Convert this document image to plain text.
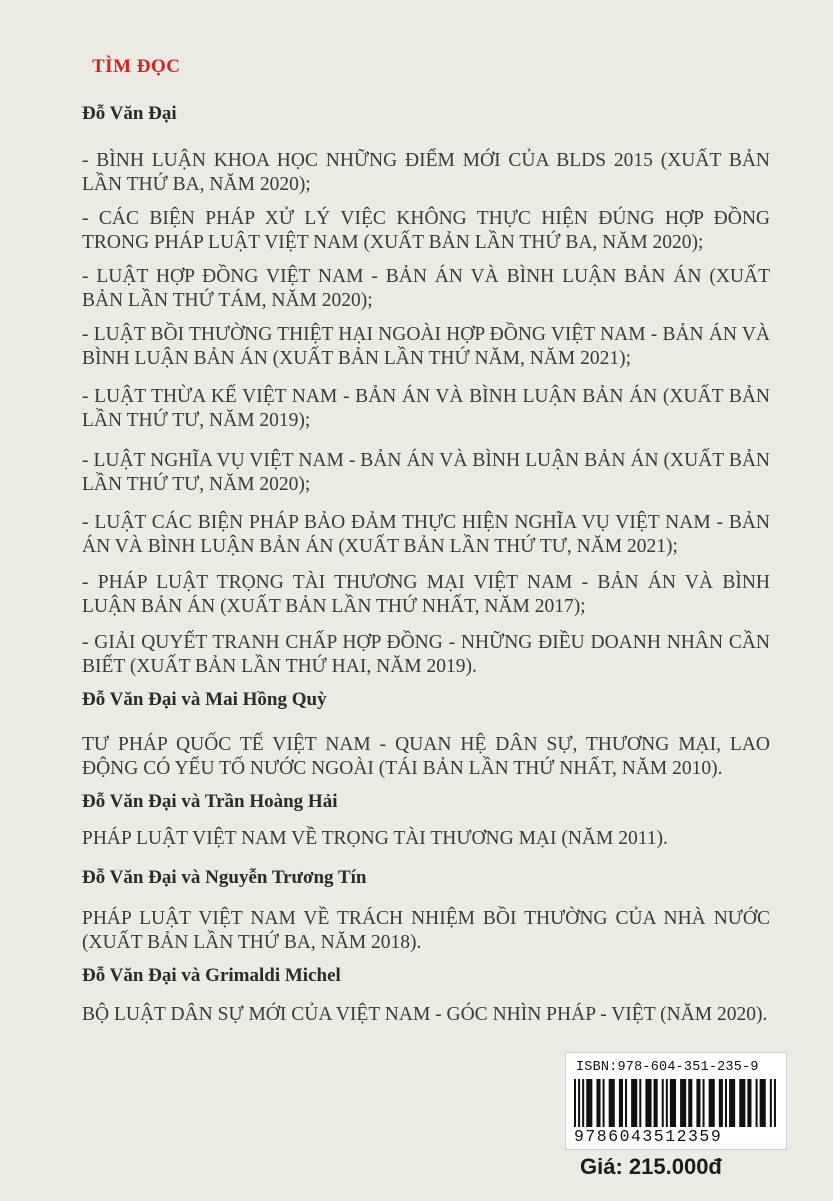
TÌM ĐỌC
Đỗ Văn Đại
- BÌNH LUẬN KHOA HỌC NHỮNG ĐIỂM MỚI CỦA BLDS 2015 (XUẤT BẢN LẦN THỨ BA, NĂM 2020);
- CÁC BIỆN PHÁP XỬ LÝ VIỆC KHÔNG THỰC HIỆN ĐÚNG HỢP ĐỒNG TRONG PHÁP LUẬT VIỆT NAM (XUẤT BẢN LẦN THỨ BA, NĂM 2020);
- LUẬT HỢP ĐỒNG VIỆT NAM - BẢN ÁN VÀ BÌNH LUẬN BẢN ÁN (XUẤT BẢN LẦN THỨ TÁM, NĂM 2020);
- LUẬT BỒI THƯỜNG THIỆT HẠI NGOÀI HỢP ĐỒNG VIỆT NAM - BẢN ÁN VÀ BÌNH LUẬN BẢN ÁN (XUẤT BẢN LẦN THỨ NĂM, NĂM 2021);
- LUẬT THỪA KẾ VIỆT NAM - BẢN ÁN VÀ BÌNH LUẬN BẢN ÁN (XUẤT BẢN LẦN THỨ TƯ, NĂM 2019);
- LUẬT NGHĨA VỤ VIỆT NAM - BẢN ÁN VÀ BÌNH LUẬN BẢN ÁN (XUẤT BẢN LẦN THỨ TƯ, NĂM 2020);
- LUẬT CÁC BIỆN PHÁP BẢO ĐẢM THỰC HIỆN NGHĨA VỤ VIỆT NAM - BẢN ÁN VÀ BÌNH LUẬN BẢN ÁN (XUẤT BẢN LẦN THỨ TƯ, NĂM 2021);
- PHÁP LUẬT TRỌNG TÀI THƯƠNG MẠI VIỆT NAM - BẢN ÁN VÀ BÌNH LUẬN BẢN ÁN (XUẤT BẢN LẦN THỨ NHẤT, NĂM 2017);
- GIẢI QUYẾT TRANH CHẤP HỢP ĐỒNG - NHỮNG ĐIỀU DOANH NHÂN CẦN BIẾT (XUẤT BẢN LẦN THỨ HAI, NĂM 2019).
Đỗ Văn Đại và Mai Hồng Quỳ
TƯ PHÁP QUỐC TẾ VIỆT NAM - QUAN HỆ DÂN SỰ, THƯƠNG MẠI, LAO ĐỘNG CÓ YẾU TỐ NƯỚC NGOÀI (TÁI BẢN LẦN THỨ NHẤT, NĂM 2010).
Đỗ Văn Đại và Trần Hoàng Hải
PHÁP LUẬT VIỆT NAM VỀ TRỌNG TÀI THƯƠNG MẠI (NĂM 2011).
Đỗ Văn Đại và Nguyễn Trương Tín
PHÁP LUẬT VIỆT NAM VỀ TRÁCH NHIỆM BỒI THƯỜNG CỦA NHÀ NƯỚC (XUẤT BẢN LẦN THỨ BA, NĂM 2018).
Đỗ Văn Đại và Grimaldi Michel
BỘ LUẬT DÂN SỰ MỚI CỦA VIỆT NAM - GÓC NHÌN PHÁP - VIỆT (NĂM 2020).
ISBN:978-604-351-235-9
9786043512359
Giá: 215.000đ
